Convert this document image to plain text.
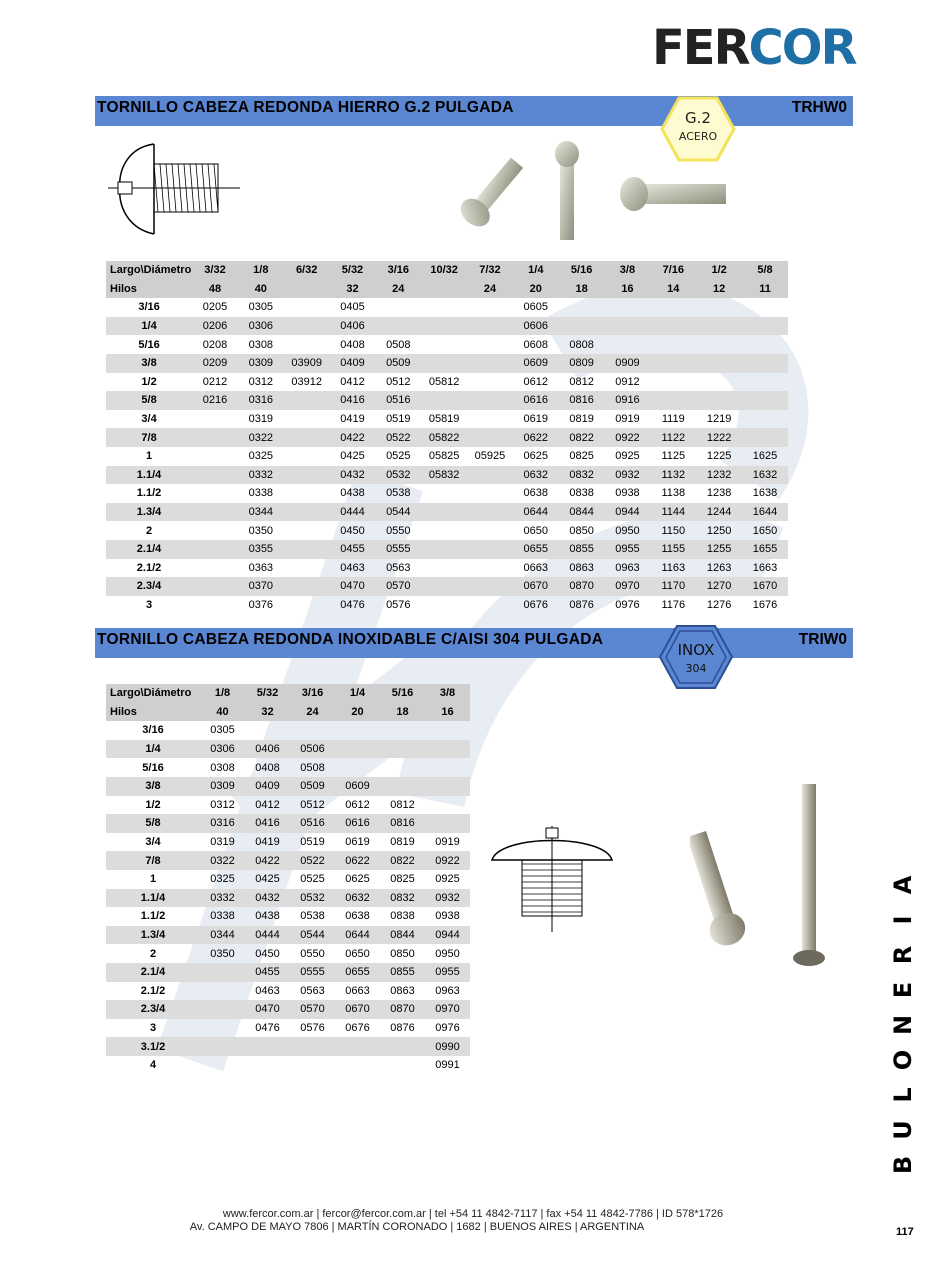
FERCOR
TORNILLO CABEZA REDONDA HIERRO G.2 PULGADA	TRHW0
G.2
ACERO
Largo\Diámetro	3/32	1/8	6/32	5/32	3/16	10/32	7/32	1/4	5/16	3/8	7/16	1/2	5/8
Hilos	48	40		32	24		24	20	18	16	14	12	11
3/16	0205	0305		0405				0605					
1/4	0206	0306		0406				0606					
5/16	0208	0308		0408	0508			0608	0808				
3/8	0209	0309	03909	0409	0509			0609	0809	0909			
1/2	0212	0312	03912	0412	0512	05812		0612	0812	0912			
5/8	0216	0316		0416	0516			0616	0816	0916			
3/4		0319		0419	0519	05819		0619	0819	0919	1119	1219	
7/8		0322		0422	0522	05822		0622	0822	0922	1122	1222	
1		0325		0425	0525	05825	05925	0625	0825	0925	1125	1225	1625
1.1/4		0332		0432	0532	05832		0632	0832	0932	1132	1232	1632
1.1/2		0338		0438	0538			0638	0838	0938	1138	1238	1638
1.3/4		0344		0444	0544			0644	0844	0944	1144	1244	1644
2		0350		0450	0550			0650	0850	0950	1150	1250	1650
2.1/4		0355		0455	0555			0655	0855	0955	1155	1255	1655
2.1/2		0363		0463	0563			0663	0863	0963	1163	1263	1663
2.3/4		0370		0470	0570			0670	0870	0970	1170	1270	1670
3		0376		0476	0576			0676	0876	0976	1176	1276	1676
TORNILLO CABEZA REDONDA INOXIDABLE C/AISI 304 PULGADA	TRIW0
INOX
304
Largo\Diámetro	1/8	5/32	3/16	1/4	5/16	3/8
Hilos	40	32	24	20	18	16
3/16	0305					
1/4	0306	0406	0506			
5/16	0308	0408	0508			
3/8	0309	0409	0509	0609		
1/2	0312	0412	0512	0612	0812	
5/8	0316	0416	0516	0616	0816	
3/4	0319	0419	0519	0619	0819	0919
7/8	0322	0422	0522	0622	0822	0922
1	0325	0425	0525	0625	0825	0925
1.1/4	0332	0432	0532	0632	0832	0932
1.1/2	0338	0438	0538	0638	0838	0938
1.3/4	0344	0444	0544	0644	0844	0944
2	0350	0450	0550	0650	0850	0950
2.1/4		0455	0555	0655	0855	0955
2.1/2		0463	0563	0663	0863	0963
2.3/4		0470	0570	0670	0870	0970
3		0476	0576	0676	0876	0976
3.1/2						0990
4						0991
B
U
L
O
N
E
R
I
A
www.fercor.com.ar | fercor@fercor.com.ar | tel +54 11 4842-7117 | fax +54 11 4842-7786 | ID 578*1726
Av. CAMPO DE MAYO 7806 | MARTÍN CORONADO | 1682 | BUENOS AIRES | ARGENTINA	117
